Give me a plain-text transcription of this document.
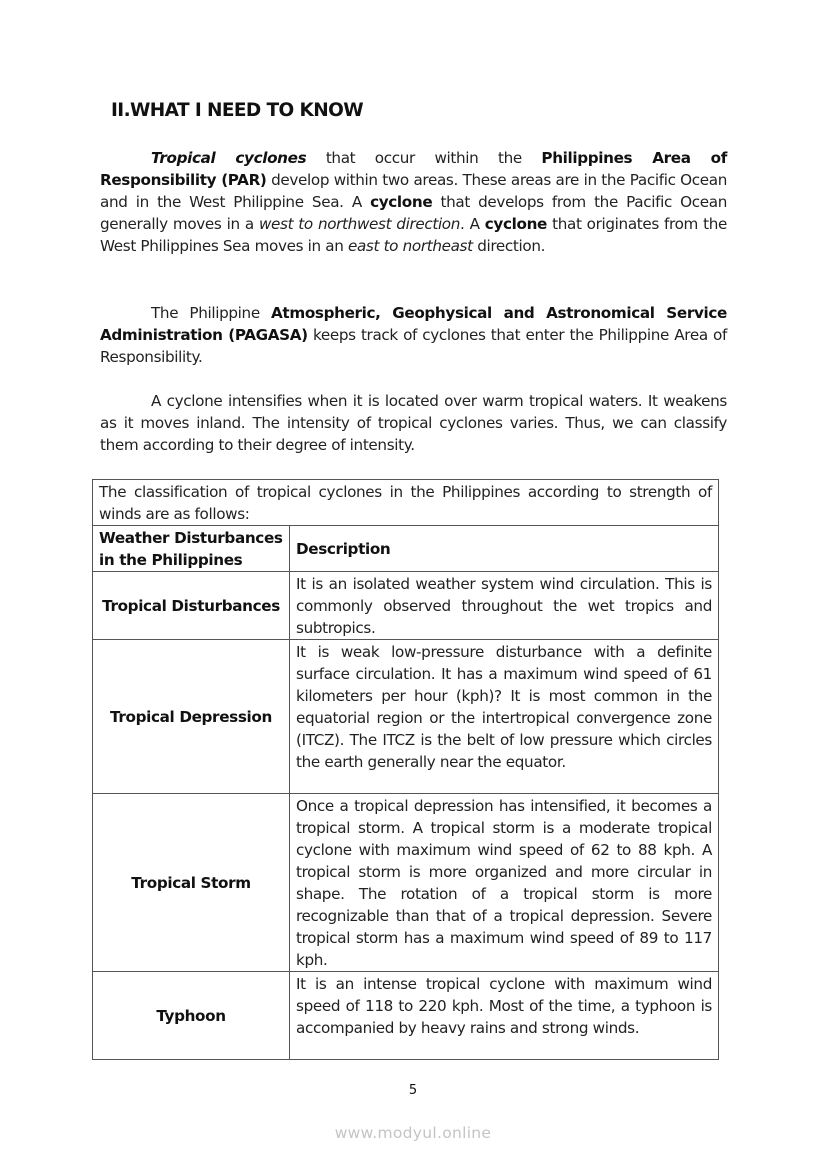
II.WHAT I NEED TO KNOW

Tropical cyclones that occur within the Philippines Area of Responsibility (PAR) develop within two areas. These areas are in the Pacific Ocean and in the West Philippine Sea. A cyclone that develops from the Pacific Ocean generally moves in a west to northwest direction. A cyclone that originates from the West Philippines Sea moves in an east to northeast direction.

The Philippine Atmospheric, Geophysical and Astronomical Service Administration (PAGASA) keeps track of cyclones that enter the Philippine Area of Responsibility.

A cyclone intensifies when it is located over warm tropical waters. It weakens as it moves inland. The intensity of tropical cyclones varies. Thus, we can classify them according to their degree of intensity.

The classification of tropical cyclones in the Philippines according to strength of winds are as follows:	
Weather Disturbances in the Philippines	Description
Tropical Disturbances	It is an isolated weather system wind circulation. This is commonly observed throughout the wet tropics and subtropics.
Tropical Depression	It is weak low-pressure disturbance with a definite surface circulation. It has a maximum wind speed of 61 kilometers per hour (kph)? It is most common in the equatorial region or the intertropical convergence zone (ITCZ). The ITCZ is the belt of low pressure which circles the earth generally near the equator.
Tropical Storm	Once a tropical depression has intensified, it becomes a tropical storm. A tropical storm is a moderate tropical cyclone with maximum wind speed of 62 to 88 kph. A tropical storm is more organized and more circular in shape. The rotation of a tropical storm is more recognizable than that of a tropical depression. Severe tropical storm has a maximum wind speed of 89 to 117 kph.
Typhoon	It is an intense tropical cyclone with maximum wind speed of 118 to 220 kph. Most of the time, a typhoon is accompanied by heavy rains and strong winds.
5
www.modyul.online
